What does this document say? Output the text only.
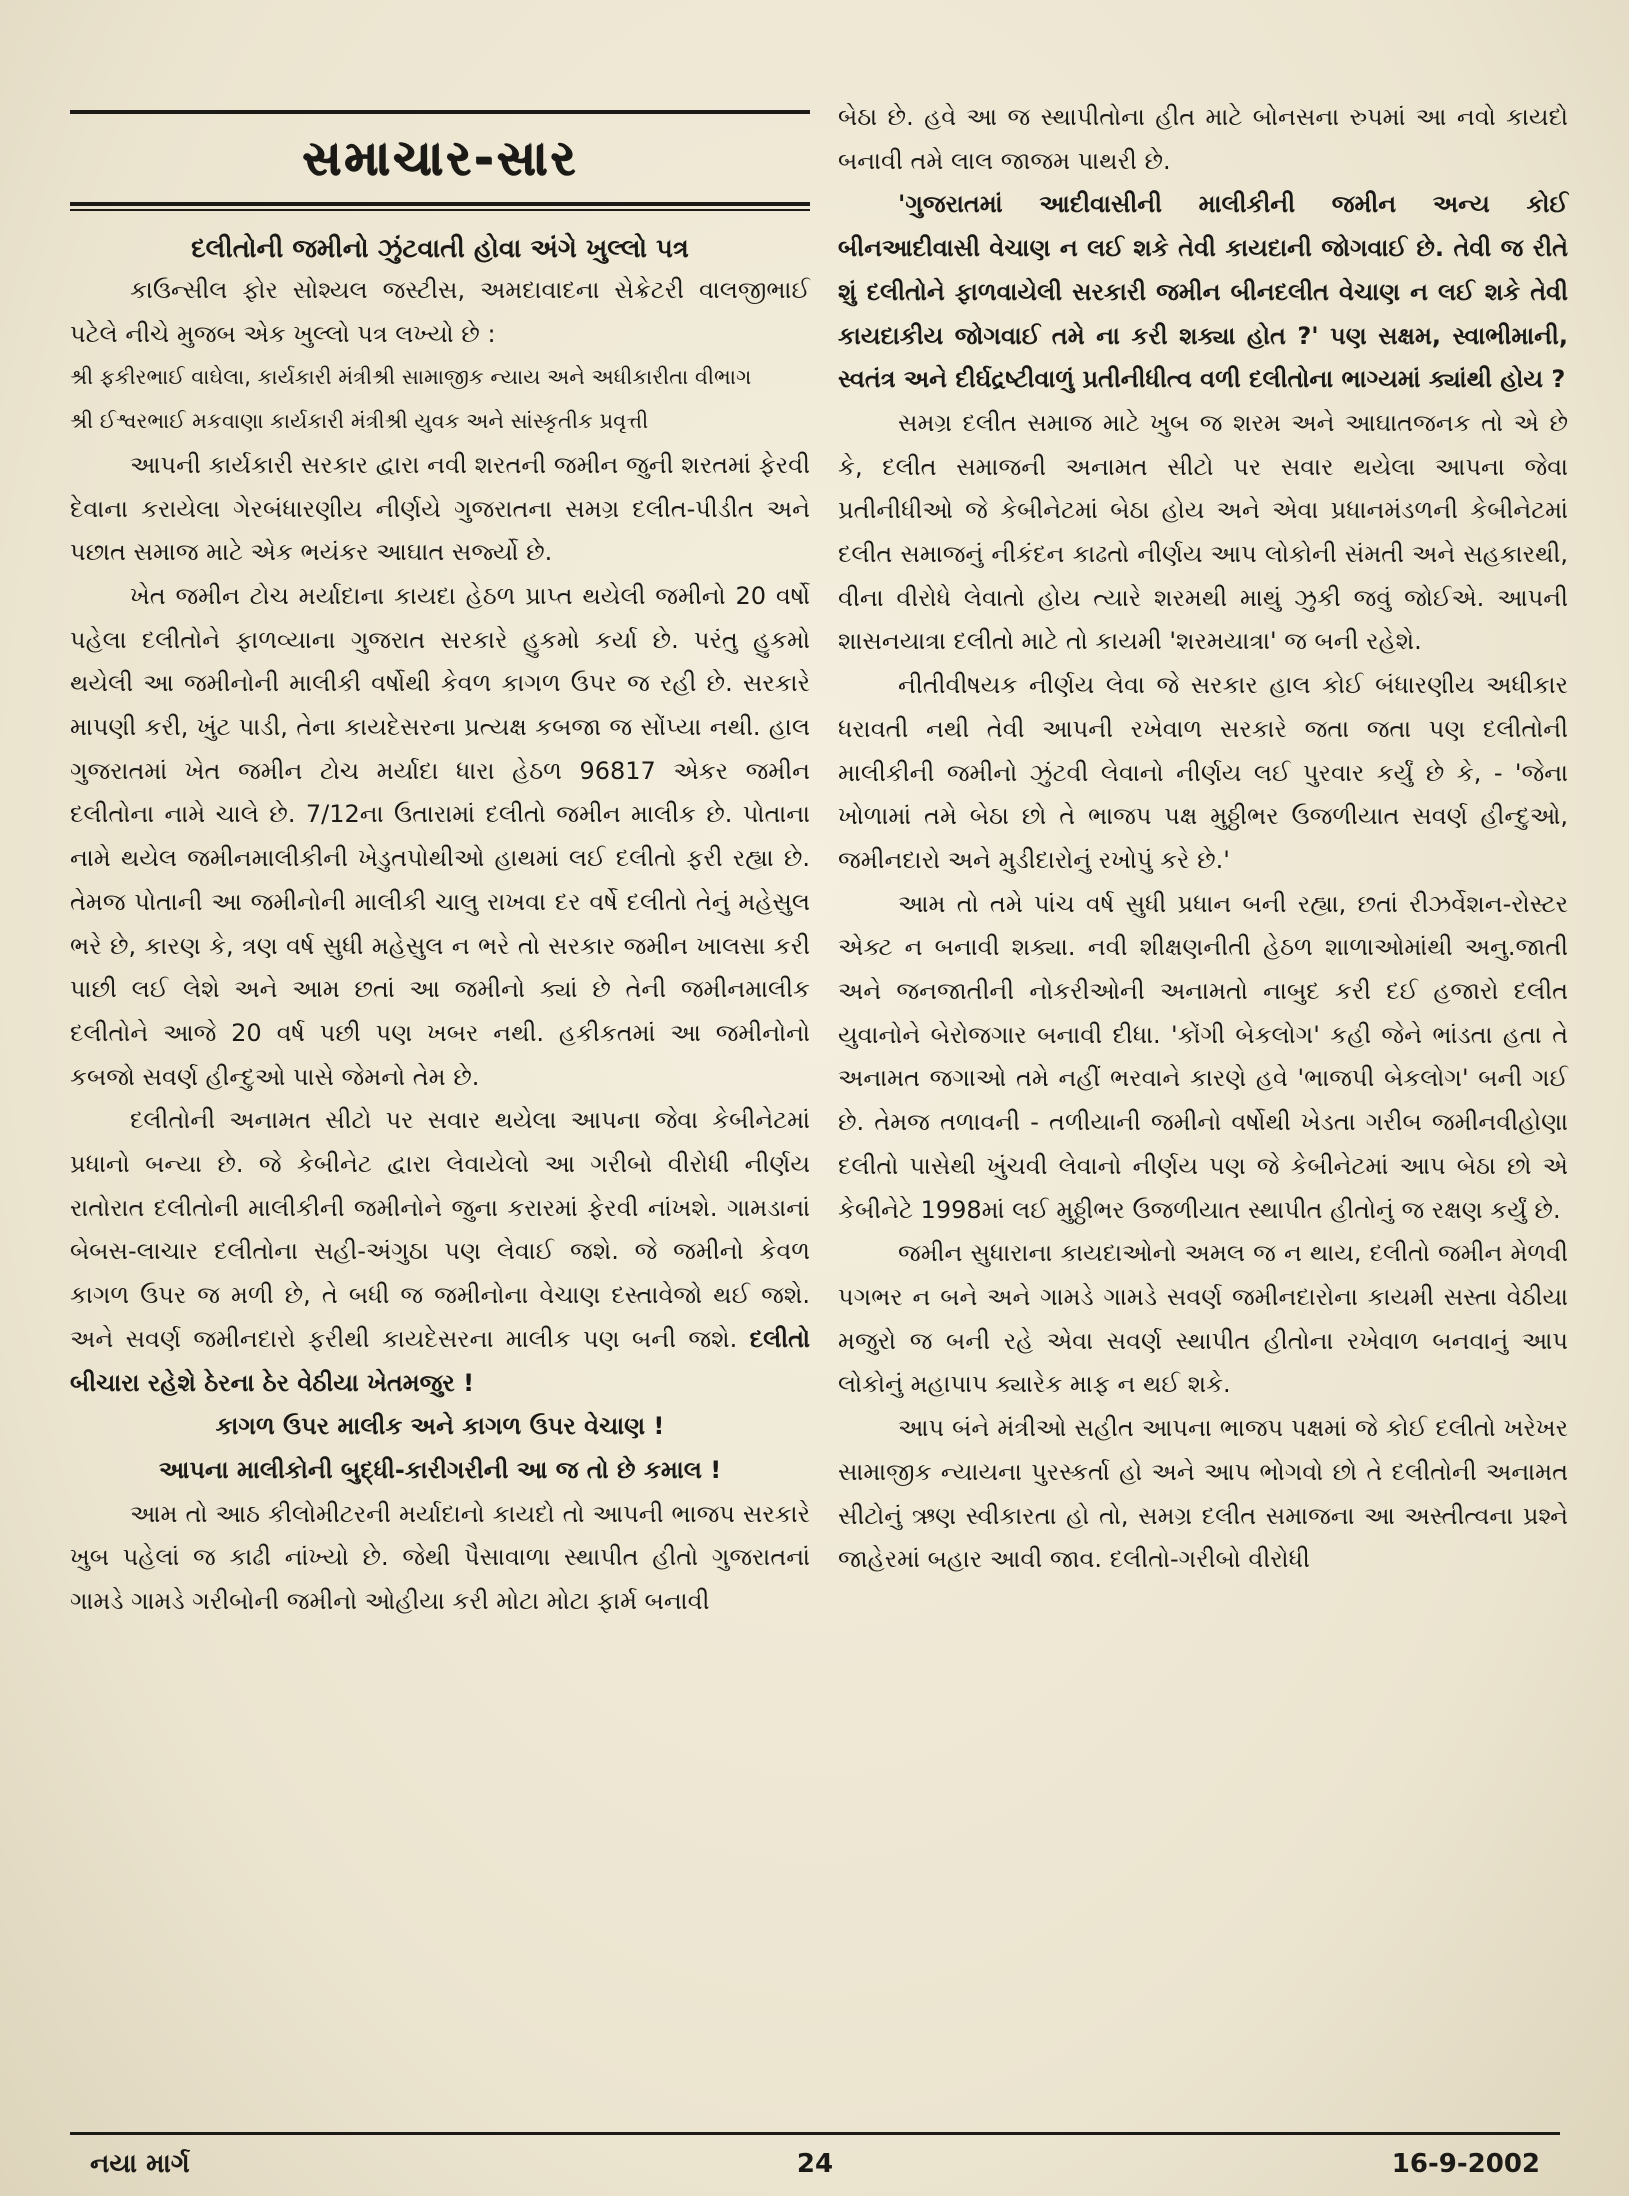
સમાચાર-સાર
દલીતોની જમીનો ઝુંટવાતી હોવા અંગે ખુલ્લો પત્ર

કાઉન્સીલ ફોર સોશ્યલ જસ્ટીસ, અમદાવાદના સેક્રેટરી વાલજીભાઈ પટેલે નીચે મુજબ એક ખુલ્લો પત્ર લખ્યો છે :

શ્રી ફકીરભાઈ વાઘેલા, કાર્યકારી મંત્રીશ્રી સામાજીક ન્યાય અને અધીકારીતા વીભાગ

શ્રી ઈશ્વરભાઈ મકવાણા કાર્યકારી મંત્રીશ્રી યુવક અને સાંસ્કૃતીક પ્રવૃત્તી

આપની કાર્યકારી સરકાર દ્વારા નવી શરતની જમીન જુની શરતમાં ફેરવી દેવાના કરાયેલા ગેરબંધારણીય નીર્ણયે ગુજરાતના સમગ્ર દલીત-પીડીત અને પછાત સમાજ માટે એક ભયંકર આઘાત સર્જ્યો છે.

ખેત જમીન ટોચ મર્યાદાના કાયદા હેઠળ પ્રાપ્ત થયેલી જમીનો 20 વર્ષો પહેલા દલીતોને ફાળવ્યાના ગુજરાત સરકારે હુકમો કર્યા છે. પરંતુ હુકમો થયેલી આ જમીનોની માલીકી વર્ષોથી કેવળ કાગળ ઉપર જ રહી છે. સરકારે માપણી કરી, ખુંટ પાડી, તેના કાયદેસરના પ્રત્યક્ષ કબજા જ સોંપ્યા નથી. હાલ ગુજરાતમાં ખેત જમીન ટોચ મર્યાદા ધારા હેઠળ 96817 એકર જમીન દલીતોના નામે ચાલે છે. 7/12ના ઉતારામાં દલીતો જમીન માલીક છે. પોતાના નામે થયેલ જમીનમાલીકીની ખેડુતપોથીઓ હાથમાં લઈ દલીતો ફરી રહ્યા છે. તેમજ પોતાની આ જમીનોની માલીકી ચાલુ રાખવા દર વર્ષે દલીતો તેનું મહેસુલ ભરે છે, કારણ કે, ત્રણ વર્ષ સુધી મહેસુલ ન ભરે તો સરકાર જમીન ખાલસા કરી પાછી લઈ લેશે અને આમ છતાં આ જમીનો ક્યાં છે તેની જમીનમાલીક દલીતોને આજે 20 વર્ષ પછી પણ ખબર નથી. હકીકતમાં આ જમીનોનો કબજો સવર્ણ હીન્દુઓ પાસે જેમનો તેમ છે.

દલીતોની અનામત સીટો પર સવાર થયેલા આપના જેવા કેબીનેટમાં પ્રધાનો બન્યા છે. જે કેબીનેટ દ્વારા લેવાયેલો આ ગરીબો વીરોધી નીર્ણય રાતોરાત દલીતોની માલીકીની જમીનોને જુના કરારમાં ફેરવી નાંખશે. ગામડાનાં બેબસ-લાચાર દલીતોના સહી-અંગુઠા પણ લેવાઈ જશે. જે જમીનો કેવળ કાગળ ઉપર જ મળી છે, તે બધી જ જમીનોના વેચાણ દસ્તાવેજો થઈ જશે. અને સવર્ણ જમીનદારો ફરીથી કાયદેસરના માલીક પણ બની જશે. દલીતો બીચારા રહેશે ઠેરના ઠેર વેઠીયા ખેતમજુર !

કાગળ ઉપર માલીક અને કાગળ ઉપર વેચાણ !

આપના માલીકોની બુદ્ધી-કારીગરીની આ જ તો છે કમાલ !

આમ તો આઠ કીલોમીટરની મર્યાદાનો કાયદો તો આપની ભાજપ સરકારે ખુબ પહેલાં જ કાઢી નાંખ્યો છે. જેથી પૈસાવાળા સ્થાપીત હીતો ગુજરાતનાં ગામડે ગામડે ગરીબોની જમીનો ઓહીયા કરી મોટા મોટા ફાર્મ બનાવી

બેઠા છે. હવે આ જ સ્થાપીતોના હીત માટે બોનસના રુપમાં આ નવો કાયદો બનાવી તમે લાલ જાજમ પાથરી છે.

'ગુજરાતમાં આદીવાસીની માલીકીની જમીન અન્ય કોઈ બીનઆદીવાસી વેચાણ ન લઈ શકે તેવી કાયદાની જોગવાઈ છે. તેવી જ રીતે શું દલીતોને ફાળવાયેલી સરકારી જમીન બીનદલીત વેચાણ ન લઈ શકે તેવી કાયદાકીય જોગવાઈ તમે ના કરી શક્યા હોત ?' પણ સક્ષમ, સ્વાભીમાની, સ્વતંત્ર અને દીર્ઘદ્રષ્ટીવાળું પ્રતીનીધીત્વ વળી દલીતોના ભાગ્યમાં ક્યાંથી હોય ?

સમગ્ર દલીત સમાજ માટે ખુબ જ શરમ અને આઘાતજનક તો એ છે કે, દલીત સમાજની અનામત સીટો પર સવાર થયેલા આપના જેવા પ્રતીનીધીઓ જે કેબીનેટમાં બેઠા હોય અને એવા પ્રધાનમંડળની કેબીનેટમાં દલીત સમાજનું નીકંદન કાઢતો નીર્ણય આપ લોકોની સંમતી અને સહકારથી, વીના વીરોધે લેવાતો હોય ત્યારે શરમથી માથું ઝુકી જવું જોઈએ. આપની શાસનયાત્રા દલીતો માટે તો કાયમી 'શરમયાત્રા' જ બની રહેશે.

નીતીવીષયક નીર્ણય લેવા જે સરકાર હાલ કોઈ બંધારણીય અધીકાર ધરાવતી નથી તેવી આપની રખેવાળ સરકારે જતા જતા પણ દલીતોની માલીકીની જમીનો ઝુંટવી લેવાનો નીર્ણય લઈ પુરવાર કર્યું છે કે, - 'જેના ખોળામાં તમે બેઠા છો તે ભાજપ પક્ષ મુઠ્ઠીભર ઉજળીયાત સવર્ણ હીન્દુઓ, જમીનદારો અને મુડીદારોનું રખોપું કરે છે.'

આમ તો તમે પાંચ વર્ષ સુધી પ્રધાન બની રહ્યા, છતાં રીઝર્વેશન-રોસ્ટર એક્ટ ન બનાવી શક્યા. નવી શીક્ષણનીતી હેઠળ શાળાઓમાંથી અનુ.જાતી અને જનજાતીની નોકરીઓની અનામતો નાબુદ કરી દઈ હજારો દલીત યુવાનોને બેરોજગાર બનાવી દીધા. 'કોંગી બેકલોગ' કહી જેને ભાંડતા હતા તે અનામત જગાઓ તમે નહીં ભરવાને કારણે હવે 'ભાજપી બેકલોગ' બની ગઈ છે. તેમજ તળાવની - તળીયાની જમીનો વર્ષોથી ખેડતા ગરીબ જમીનવીહોણા દલીતો પાસેથી ખુંચવી લેવાનો નીર્ણય પણ જે કેબીનેટમાં આપ બેઠા છો એ કેબીનેટે 1998માં લઈ મુઠ્ઠીભર ઉજળીયાત સ્થાપીત હીતોનું જ રક્ષણ કર્યું છે.

જમીન સુધારાના કાયદાઓનો અમલ જ ન થાય, દલીતો જમીન મેળવી પગભર ન બને અને ગામડે ગામડે સવર્ણ જમીનદારોના કાયમી સસ્તા વેઠીયા મજુરો જ બની રહે એવા સવર્ણ સ્થાપીત હીતોના રખેવાળ બનવાનું આપ લોકોનું મહાપાપ ક્યારેક માફ ન થઈ શકે.

આપ બંને મંત્રીઓ સહીત આપના ભાજપ પક્ષમાં જે કોઈ દલીતો ખરેખર સામાજીક ન્યાયના પુરસ્કર્તા હો અને આપ ભોગવો છો તે દલીતોની અનામત સીટોનું ઋણ સ્વીકારતા હો તો, સમગ્ર દલીત સમાજના આ અસ્તીત્વના પ્રશ્ને જાહેરમાં બહાર આવી જાવ. દલીતો-ગરીબો વીરોધી

નયા માર્ગ	24	16-9-2002
